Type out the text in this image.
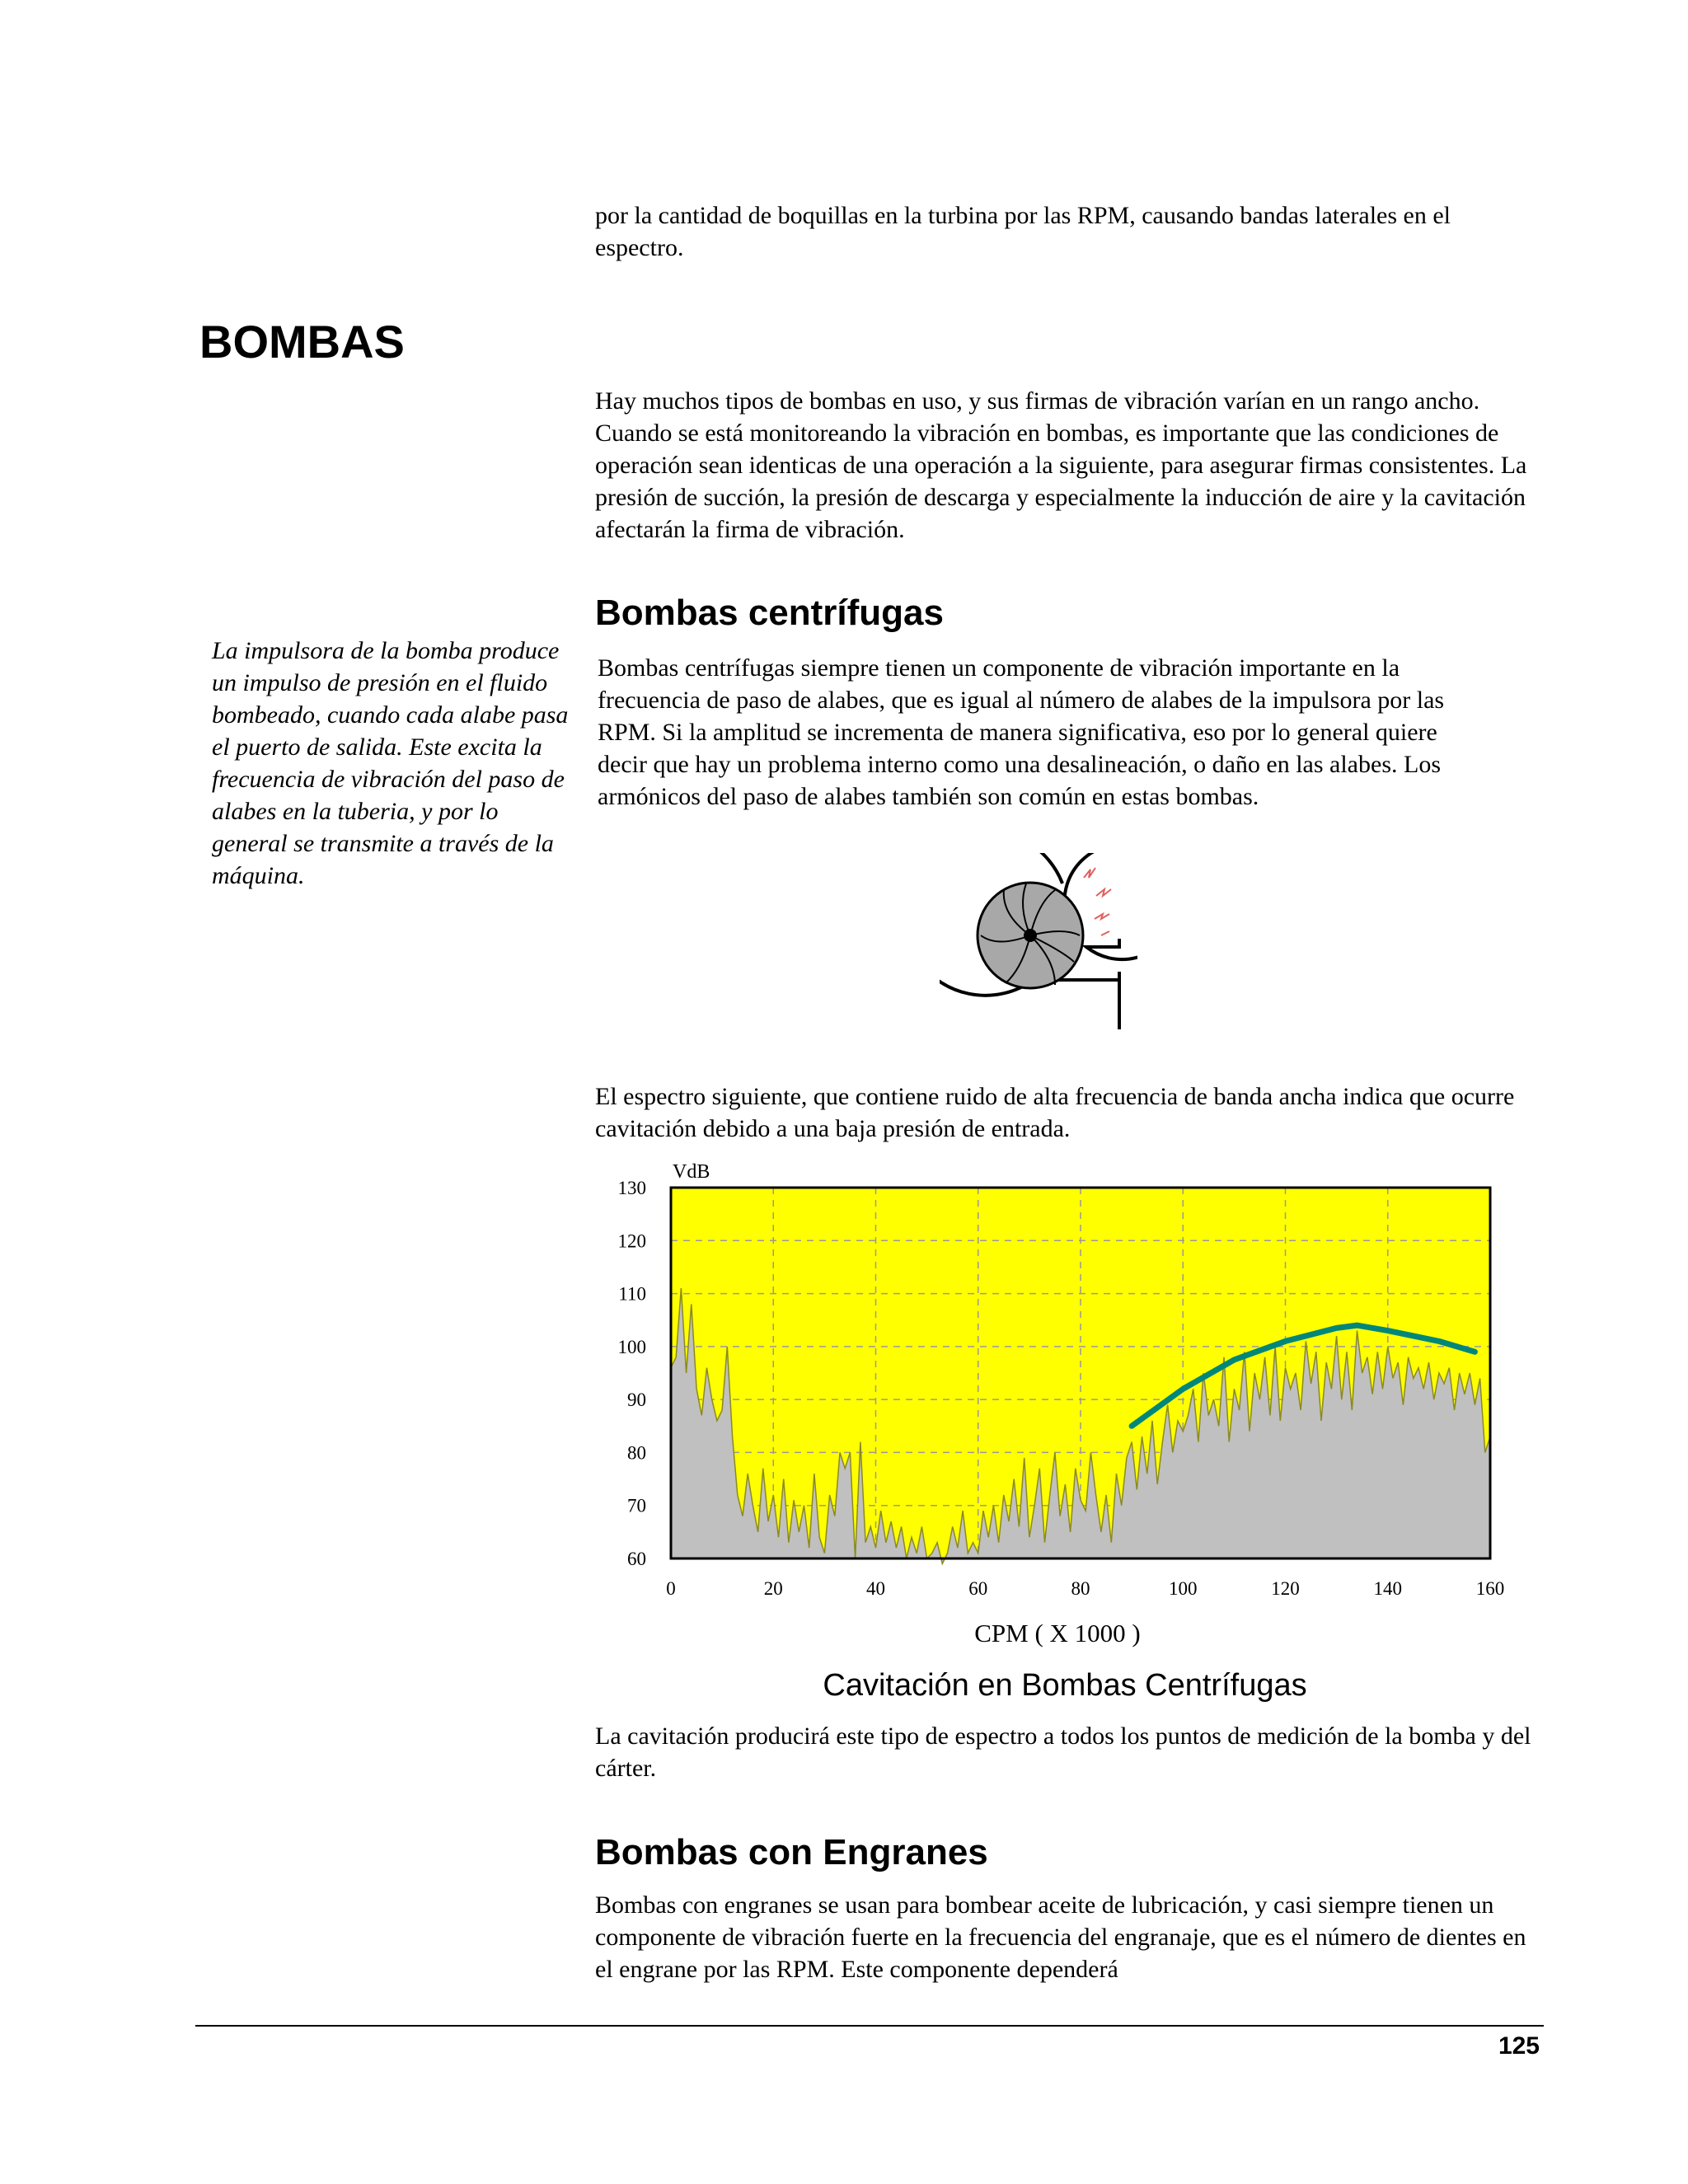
por la cantidad de boquillas en la turbina por las RPM, causando bandas laterales en el espectro.

BOMBAS

Hay muchos tipos de bombas en uso, y sus firmas de vibración varían en un rango ancho. Cuando se está monitoreando la vibración en bombas, es importante que las condiciones de operación sean identicas de una operación a la siguiente, para asegurar firmas consistentes. La presión de succión, la presión de descarga y especialmente la inducción de aire y la cavitación afectarán la firma de vibración.

Bombas centrífugas

La impulsora de la bomba produce un impulso de presión en el fluido bombeado, cuando cada alabe pasa el puerto de salida. Este excita la frecuencia de vibración del paso de alabes en la tuberia, y por lo general se transmite a través de la máquina.

Bombas centrífugas siempre tienen un componente de vibración importante en la frecuencia de paso de alabes, que es igual al número de alabes de la impulsora por las RPM. Si la amplitud se incrementa de manera significativa, eso por lo general quiere decir que hay un problema interno como una desalineación, o daño en las alabes. Los armónicos del paso de alabes también son común en estas bombas.

El espectro siguiente, que contiene ruido de alta frecuencia de banda ancha indica que ocurre cavitación debido a una baja presión de entrada.

60
70
80
90
100
110
120
130
0	20	40	60	80	100	120	140	160
VdB
CPM ( X 1000 )
Cavitación en Bombas Centrífugas

La cavitación producirá este tipo de espectro a todos los puntos de medición de la bomba y del cárter.

Bombas con Engranes

Bombas con engranes se usan para bombear aceite de lubricación, y casi siempre tienen un componente de vibración fuerte en la frecuencia del engranaje, que es el número de dientes en el engrane por las RPM. Este componente dependerá

125
